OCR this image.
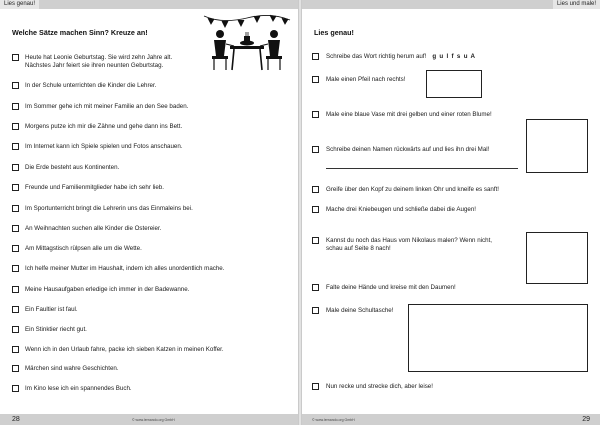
Lies genau!
Welche Sätze machen Sinn? Kreuze an!
Heute hat Leonie Geburtstag. Sie wird zehn Jahre alt.
Nächstes Jahr feiert sie ihren neunten Geburtstag.
In der Schule unterrichten die Kinder die Lehrer.
Im Sommer gehe ich mit meiner Familie an den See baden.
Morgens putze ich mir die Zähne und gehe dann ins Bett.
Im Internet kann ich Spiele spielen und Fotos anschauen.
Die Erde besteht aus Kontinenten.
Freunde und Familienmitglieder habe ich sehr lieb.
Im Sportunterricht bringt die Lehrerin uns das Einmaleins bei.
An Weihnachten suchen alle Kinder die Ostereier.
Am Mittagstisch rülpsen alle um die Wette.
Ich helfe meiner Mutter im Haushalt, indem ich alles unordentlich mache.
Meine Hausaufgaben erledige ich immer in der Badewanne.
Ein Faultier ist faul.
Ein Stinktier riecht gut.
Wenn ich in den Urlaub fahre, packe ich sieben Katzen in meinen Koffer.
Märchen sind wahre Geschichten.
Im Kino lese ich ein spannendes Buch.
28	© www.lernando.org GmbH
Lies und male!
Lies genau!
Schreibe das Wort richtig herum auf! g u l f s u A
Male einen Pfeil nach rechts!
Male eine blaue Vase mit drei gelben und einer roten Blume!
Schreibe deinen Namen rückwärts auf und lies ihn drei Mal!
Greife über den Kopf zu deinem linken Ohr und kneife es sanft!
Mache drei Kniebeugen und schließe dabei die Augen!
Kannst du noch das Haus vom Nikolaus malen? Wenn nicht,
schau auf Seite 8 nach!
Falte deine Hände und kreise mit den Daumen!
Male deine Schultasche!
Nun recke und strecke dich, aber leise!
© www.lernando.org GmbH	29
